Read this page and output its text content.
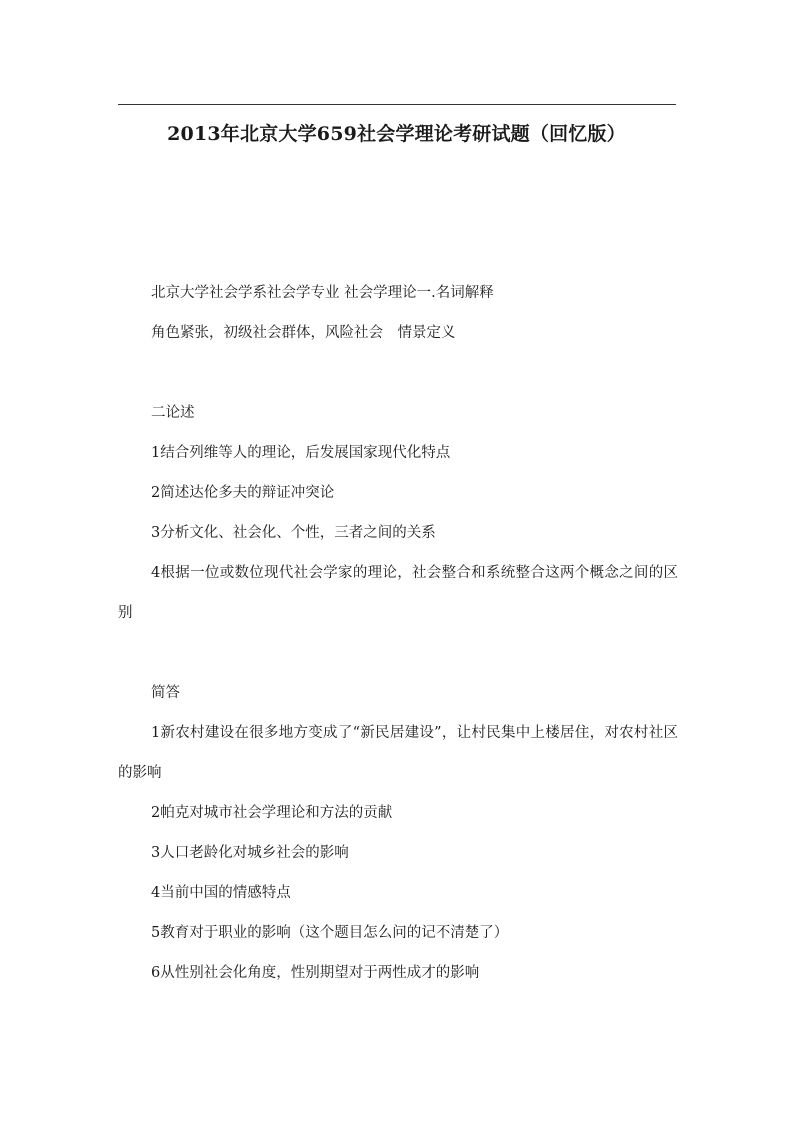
2013年北京大学659社会学理论考研试题（回忆版）
北京大学社会学系社会学专业 社会学理论一.名词解释
角色紧张，初级社会群体，风险社会　情景定义
二论述
1结合列维等人的理论，后发展国家现代化特点
2简述达伦多夫的辩证冲突论
3分析文化、社会化、个性，三者之间的关系
4根据一位或数位现代社会学家的理论，社会整合和系统整合这两个概念之间的区别
简答
1新农村建设在很多地方变成了“新民居建设”，让村民集中上楼居住，对农村社区的影响
2帕克对城市社会学理论和方法的贡献
3人口老龄化对城乡社会的影响
4当前中国的情感特点
5教育对于职业的影响（这个题目怎么问的记不清楚了）
6从性别社会化角度，性别期望对于两性成才的影响
